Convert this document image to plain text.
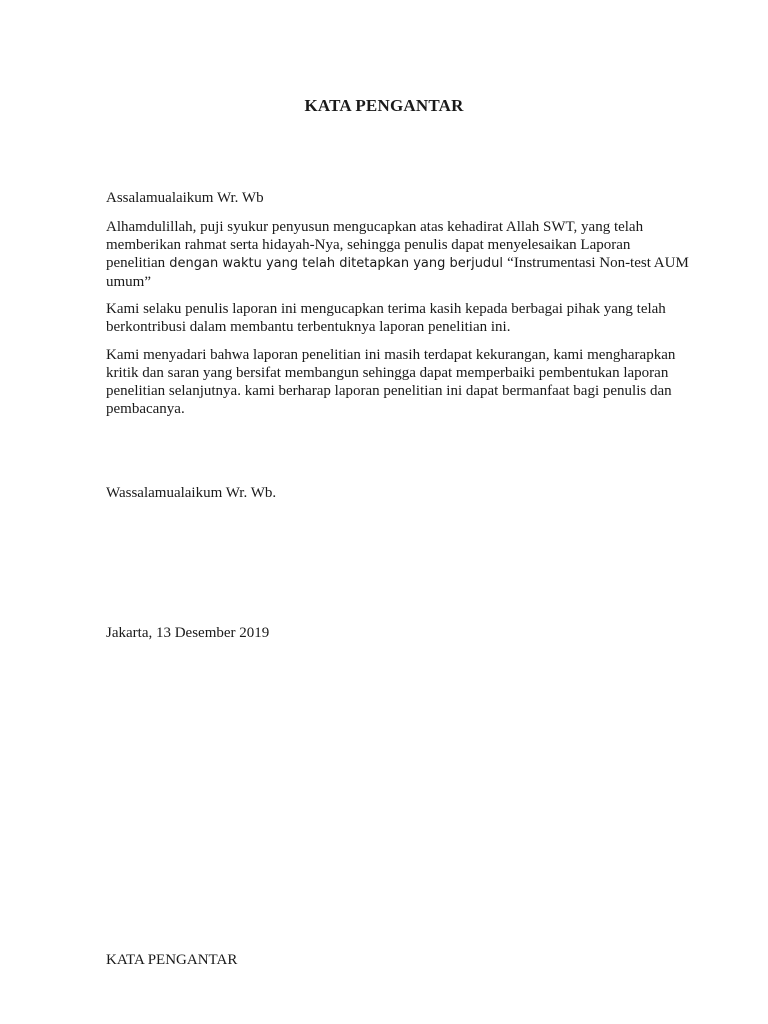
KATA PENGANTAR
Assalamualaikum Wr. Wb
Alhamdulillah, puji syukur penyusun mengucapkan atas kehadirat Allah SWT, yang telah
memberikan rahmat serta hidayah-Nya, sehingga penulis dapat menyelesaikan Laporan
penelitian dengan waktu yang telah ditetapkan yang berjudul “Instrumentasi Non-test AUM
umum”
Kami selaku penulis laporan ini mengucapkan terima kasih kepada berbagai pihak yang telah
berkontribusi dalam membantu terbentuknya laporan penelitian ini.
Kami menyadari bahwa laporan penelitian ini masih terdapat kekurangan, kami mengharapkan
kritik dan saran yang bersifat membangun sehingga dapat memperbaiki pembentukan laporan
penelitian selanjutnya. kami berharap laporan penelitian ini dapat bermanfaat bagi penulis dan
pembacanya.
Wassalamualaikum Wr. Wb.
Jakarta, 13 Desember 2019
KATA PENGANTAR
